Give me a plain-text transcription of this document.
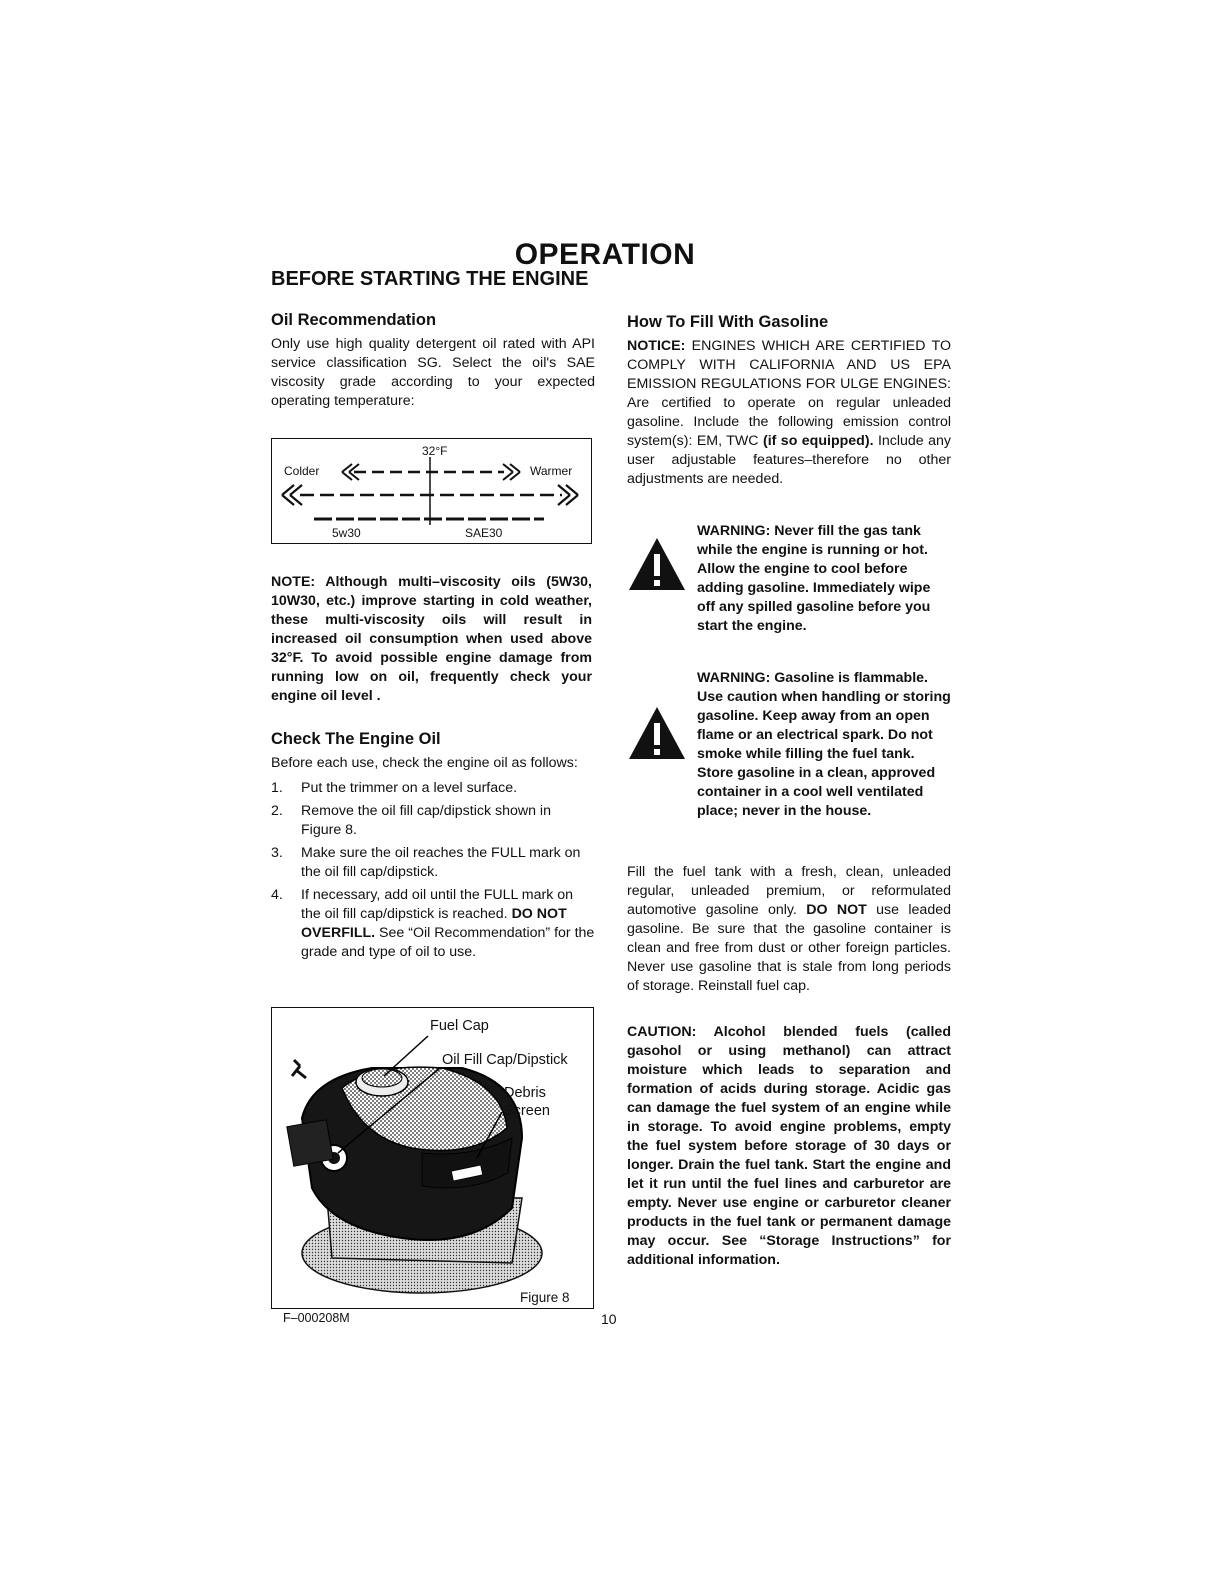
OPERATION
BEFORE STARTING THE ENGINE
Oil Recommendation

Only use high quality detergent oil rated with API service classification SG. Select the oil's SAE viscosity grade according to your expected operating temperature:

32°F
Colder	Warmer
5w30	SAE30

NOTE: Although multi–viscosity oils (5W30, 10W30, etc.) improve starting in cold weather, these multi-viscosity oils will result in increased oil consumption when used above 32°F. To avoid possible engine damage from running low on oil, frequently check your engine oil level .

Check The Engine Oil

Before each use, check the engine oil as follows:

1. Put the trimmer on a level surface.
2. Remove the oil fill cap/dipstick shown in Figure 8.
3. Make sure the oil reaches the FULL mark on the oil fill cap/dipstick.
4. If necessary, add oil until the FULL mark on the oil fill cap/dipstick is reached. DO NOT OVERFILL. See “Oil Recommendation” for the grade and type of oil to use.
Fuel Cap
Oil Fill Cap/Dipstick
Debris
Screen
Figure 8
F–000208M	10
How To Fill With Gasoline

NOTICE: ENGINES WHICH ARE CERTIFIED TO COMPLY WITH CALIFORNIA AND US EPA EMISSION REGULATIONS FOR ULGE ENGINES: Are certified to operate on regular unleaded gasoline. Include the following emission control system(s): EM, TWC (if so equipped). Include any user adjustable features–therefore no other adjustments are needed.

WARNING: Never fill the gas tank while the engine is running or hot. Allow the engine to cool before adding gasoline. Immediately wipe off any spilled gasoline before you start the engine.

WARNING: Gasoline is flammable. Use caution when handling or storing gasoline. Keep away from an open flame or an electrical spark. Do not smoke while filling the fuel tank. Store gasoline in a clean, approved container in a cool well ventilated place; never in the house.

Fill the fuel tank with a fresh, clean, unleaded regular, unleaded premium, or reformulated automotive gasoline only. DO NOT use leaded gasoline. Be sure that the gasoline container is clean and free from dust or other foreign particles. Never use gasoline that is stale from long periods of storage. Reinstall fuel cap.

CAUTION: Alcohol blended fuels (called gasohol or using methanol) can attract moisture which leads to separation and formation of acids during storage. Acidic gas can damage the fuel system of an engine while in storage. To avoid engine problems, empty the fuel system before storage of 30 days or longer. Drain the fuel tank. Start the engine and let it run until the fuel lines and carburetor are empty. Never use engine or carburetor cleaner products in the fuel tank or permanent damage may occur. See “Storage Instructions” for additional information.
